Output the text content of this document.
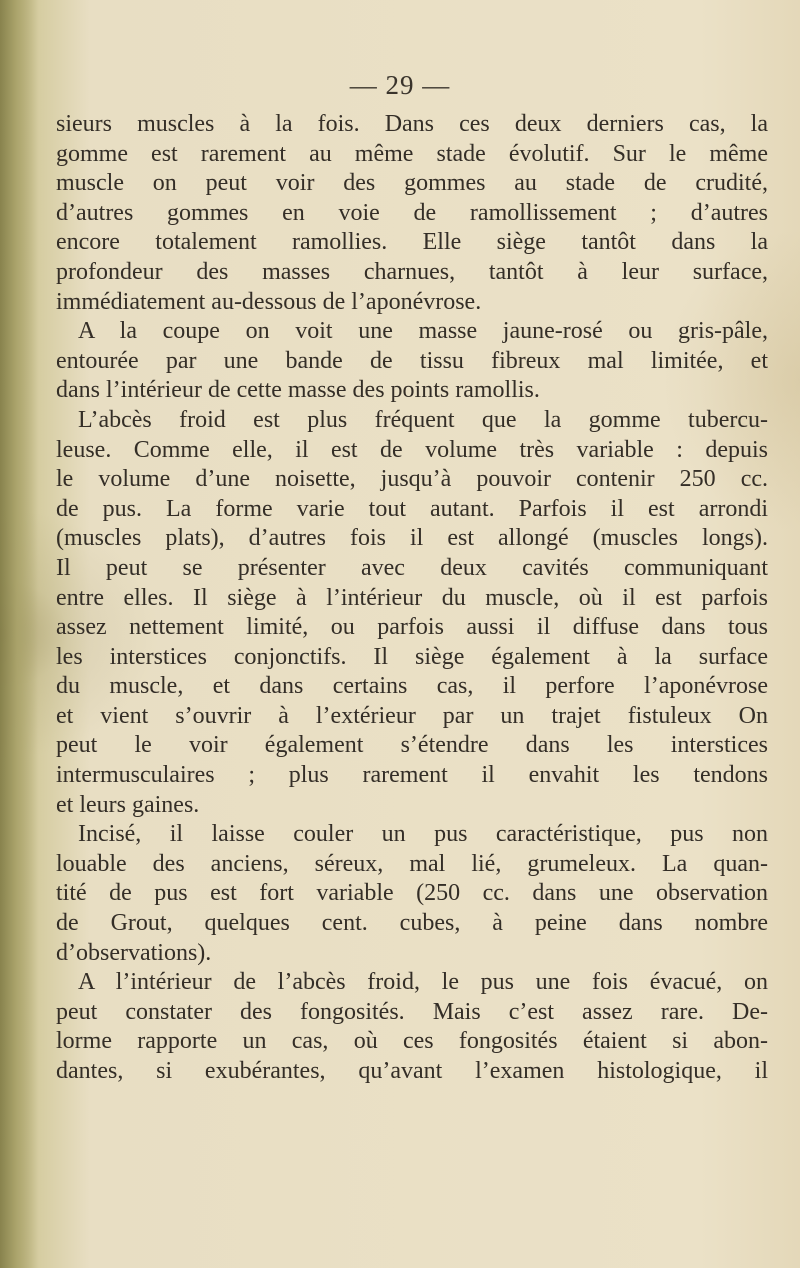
— 29 —
sieurs muscles à la fois. Dans ces deux derniers cas, la
gomme est rarement au même stade évolutif. Sur le même
muscle on peut voir des gommes au stade de crudité,
d’autres gommes en voie de ramollissement ; d’autres
encore totalement ramollies. Elle siège tantôt dans la
profondeur des masses charnues, tantôt à leur surface,
immédiatement au-dessous de l’aponévrose.
A la coupe on voit une masse jaune-rosé ou gris-pâle,
entourée par une bande de tissu fibreux mal limitée, et
dans l’intérieur de cette masse des points ramollis.
L’abcès froid est plus fréquent que la gomme tubercu-
leuse. Comme elle, il est de volume très variable : depuis
le volume d’une noisette, jusqu’à pouvoir contenir 250 cc.
de pus. La forme varie tout autant. Parfois il est arrondi
(muscles plats), d’autres fois il est allongé (muscles longs).
Il peut se présenter avec deux cavités communiquant
entre elles. Il siège à l’intérieur du muscle, où il est parfois
assez nettement limité, ou parfois aussi il diffuse dans tous
les interstices conjonctifs. Il siège également à la surface
du muscle, et dans certains cas, il perfore l’aponévrose
et vient s’ouvrir à l’extérieur par un trajet fistuleux On
peut le voir également s’étendre dans les interstices
intermusculaires ; plus rarement il envahit les tendons
et leurs gaines.
Incisé, il laisse couler un pus caractéristique, pus non
louable des anciens, séreux, mal lié, grumeleux. La quan-
tité de pus est fort variable (250 cc. dans une observation
de Grout, quelques cent. cubes, à peine dans nombre
d’observations).
A l’intérieur de l’abcès froid, le pus une fois évacué, on
peut constater des fongosités. Mais c’est assez rare. De-
lorme rapporte un cas, où ces fongosités étaient si abon-
dantes, si exubérantes, qu’avant l’examen histologique, il
